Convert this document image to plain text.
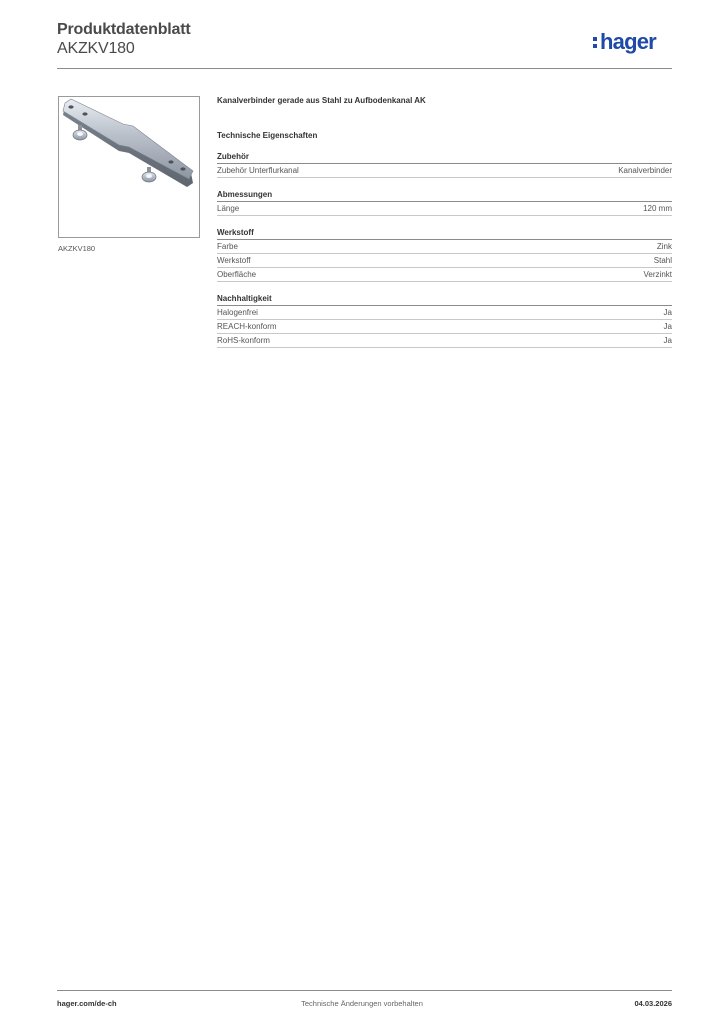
Produktdatenblatt
AKZKV180	hager
AKZKV180
Kanalverbinder gerade aus Stahl zu Aufbodenkanal AK
Technische Eigenschaften
Zubehör
Zubehör Unterflurkanal	Kanalverbinder
Abmessungen
Länge	120 mm
Werkstoff
Farbe	Zink
Werkstoff	Stahl
Oberfläche	Verzinkt
Nachhaltigkeit
Halogenfrei	Ja
REACH-konform	Ja
RoHS-konform	Ja
Technische Änderungen vorbehalten
hager.com/de-ch	04.03.2026
